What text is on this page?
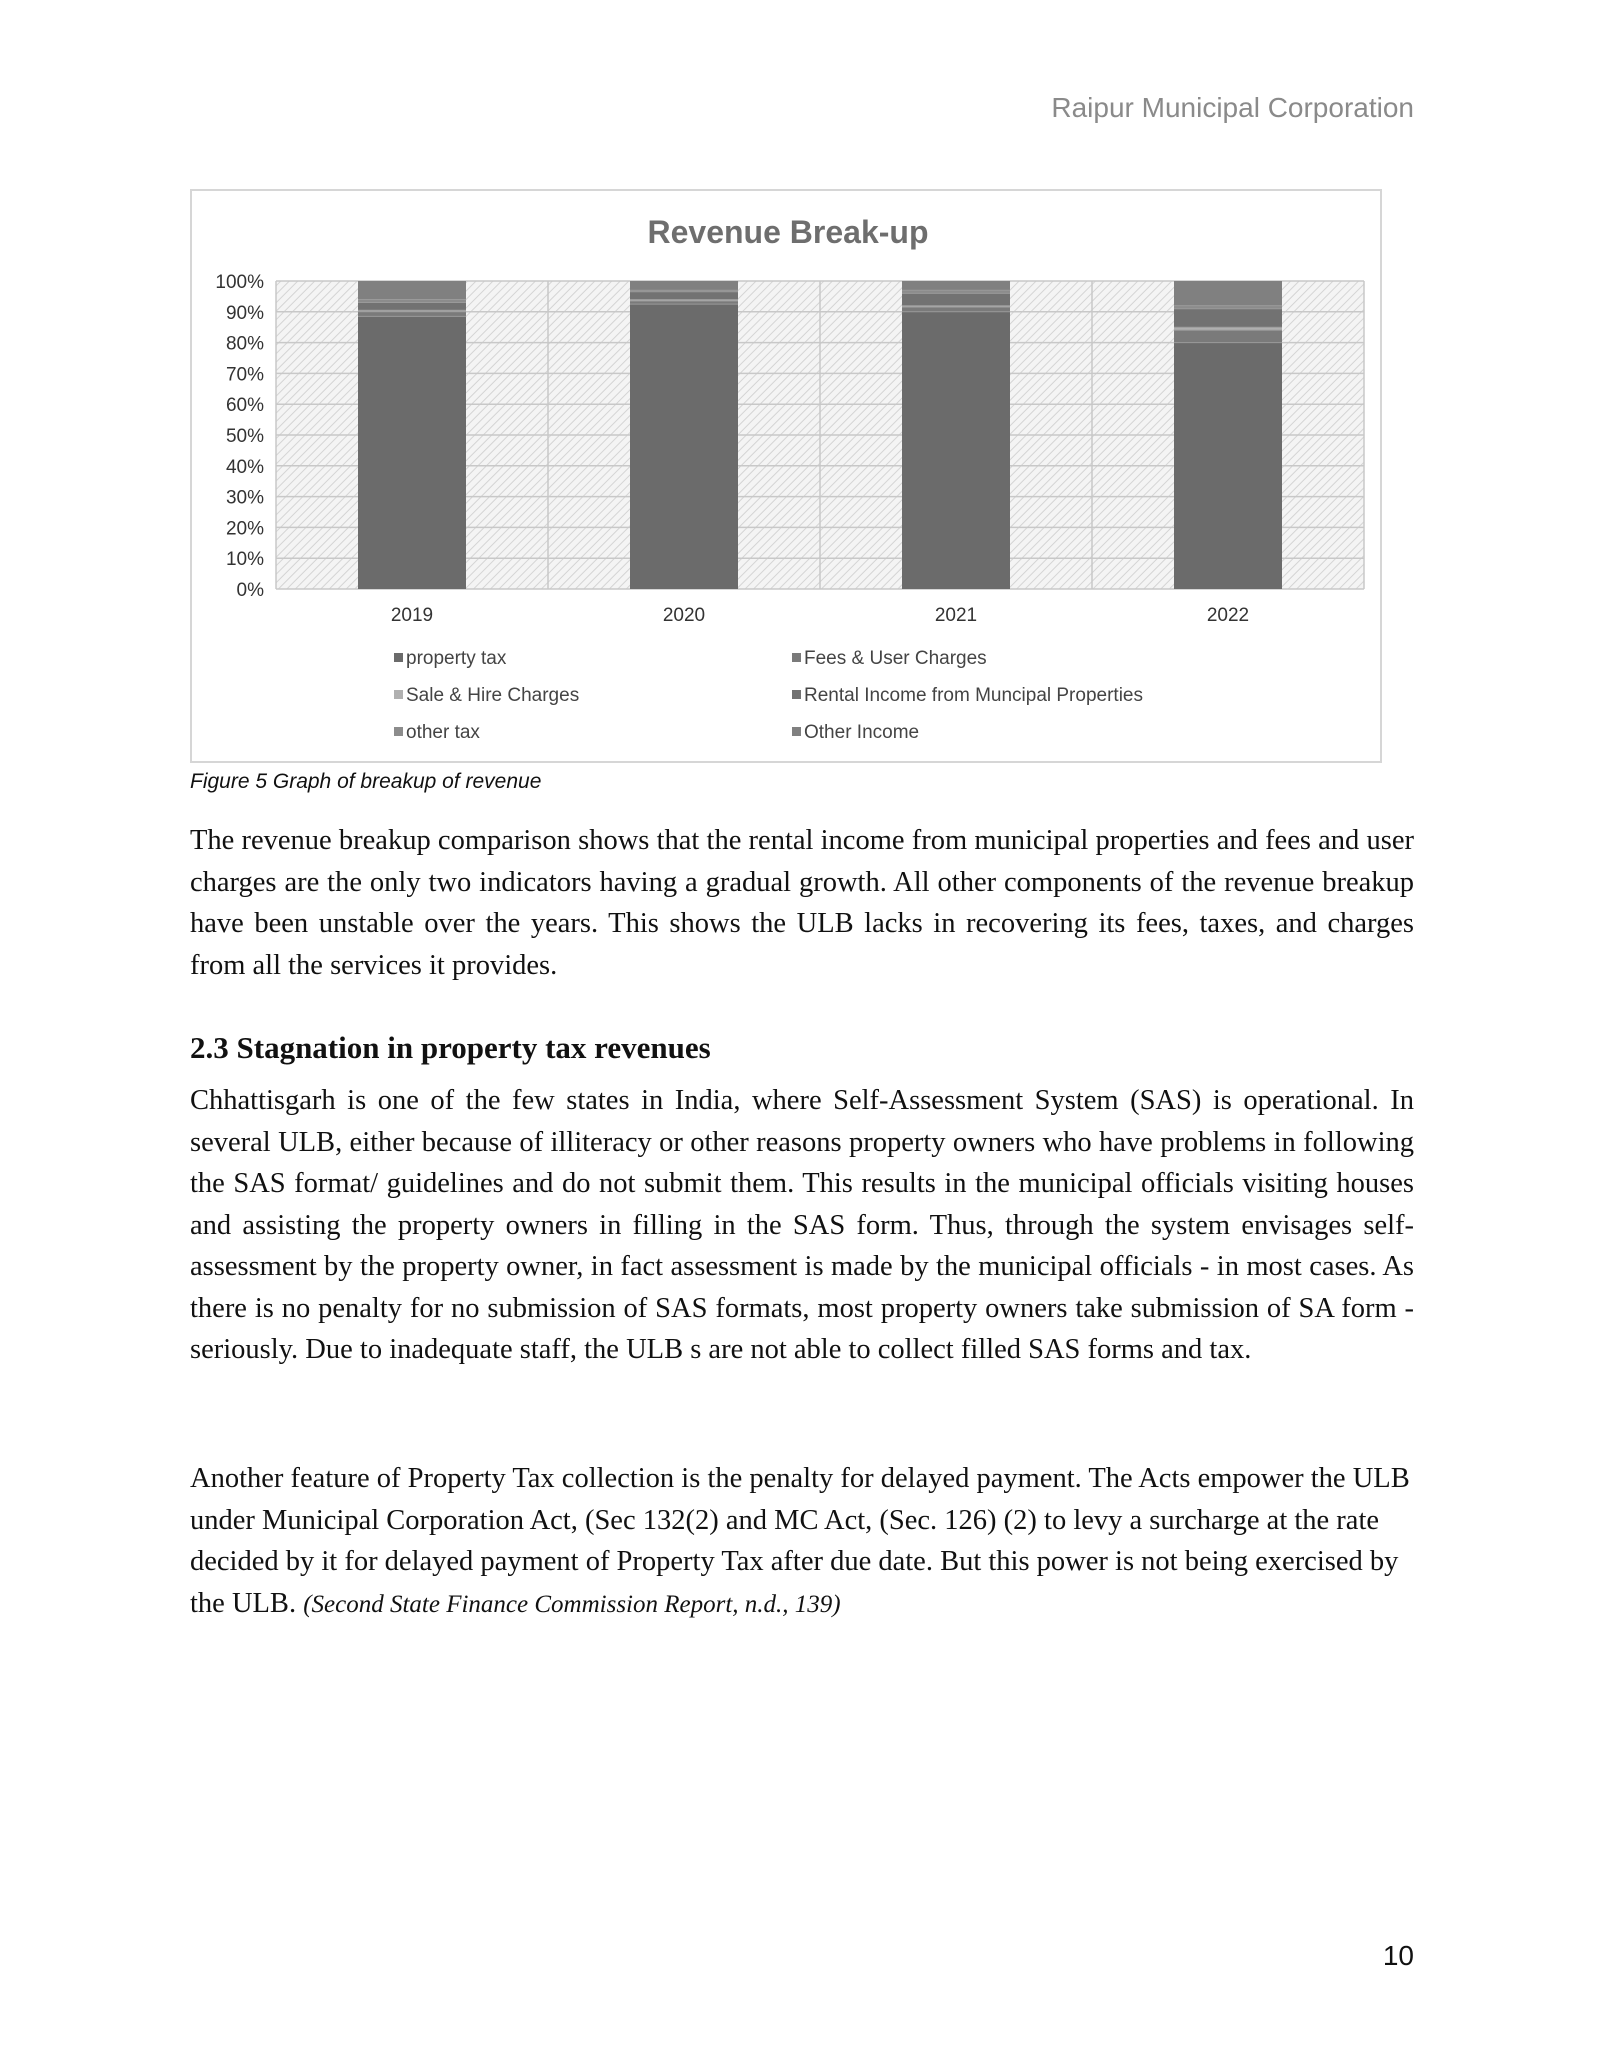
Raipur Municipal Corporation
Revenue Break-up
0%
10%
20%
30%
40%
50%
60%
70%
80%
90%
100%
2019	2020	2021	2022
property tax	Fees & User Charges
Sale & Hire Charges	Rental Income from Muncipal Properties
other tax	Other Income
Figure 5 Graph of breakup of revenue

The revenue breakup comparison shows that the rental income from municipal properties and fees and user charges are the only two indicators having a gradual growth. All other components of the revenue breakup have been unstable over the years. This shows the ULB lacks in recovering its fees, taxes, and charges from all the services it provides.

2.3 Stagnation in property tax revenues

Chhattisgarh is one of the few states in India, where Self-Assessment System (SAS) is operational. In several ULB, either because of illiteracy or other reasons property owners who have problems in following the SAS format/ guidelines and do not submit them. This results in the municipal officials visiting houses and assisting the property owners in filling in the SAS form. Thus, through the system envisages self-assessment by the property owner, in fact assessment is made by the municipal officials - in most cases. As there is no penalty for no submission of SAS formats, most property owners take submission of SA form - seriously. Due to inadequate staff, the ULB s are not able to collect filled SAS forms and tax.

Another feature of Property Tax collection is the penalty for delayed payment. The Acts empower the ULB under Municipal Corporation Act, (Sec 132(2) and MC Act, (Sec. 126) (2) to levy a surcharge at the rate decided by it for delayed payment of Property Tax after due date. But this power is not being exercised by the ULB. (Second State Finance Commission Report, n.d., 139)

10
